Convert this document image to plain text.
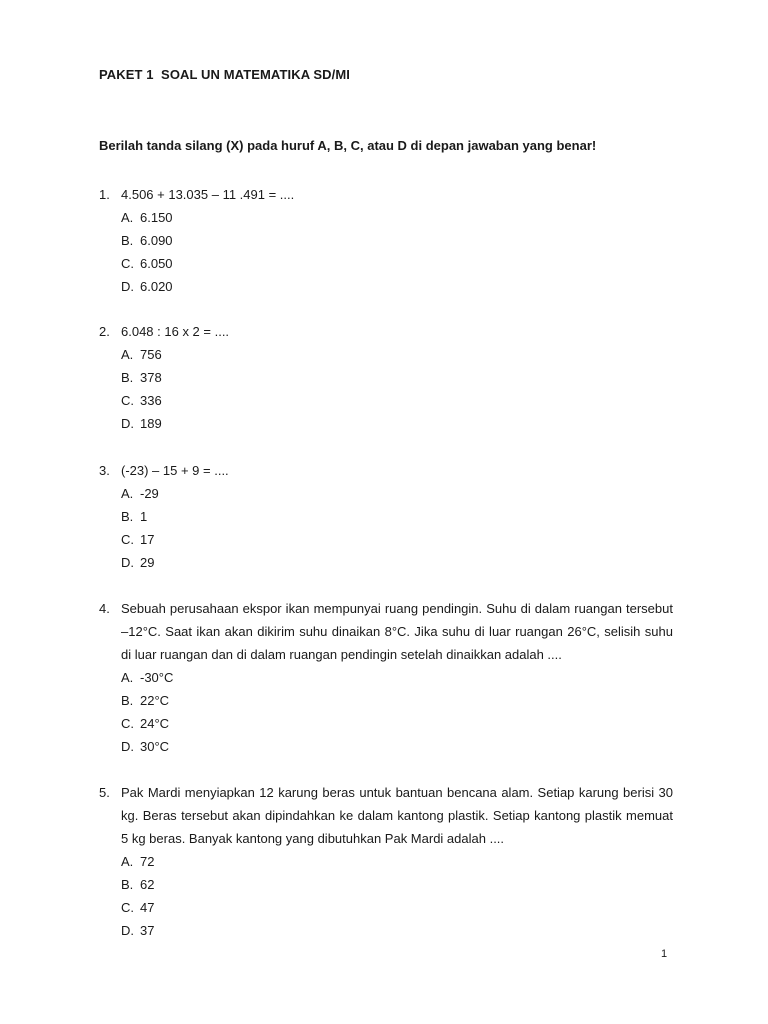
PAKET 1  SOAL UN MATEMATIKA SD/MI
Berilah tanda silang (X) pada huruf A, B, C, atau D di depan jawaban yang benar!
1. 4.506 + 13.035 – 11 .491 = ....
A. 6.150
B. 6.090
C. 6.050
D. 6.020
2. 6.048 : 16 x 2 = ....
A. 756
B. 378
C. 336
D. 189
3. (-23) – 15 + 9 = ....
A. -29
B. 1
C. 17
D. 29
4. Sebuah perusahaan ekspor ikan mempunyai ruang pendingin. Suhu di dalam ruangan tersebut –12°C. Saat ikan akan dikirim suhu dinaikan 8°C. Jika suhu di luar ruangan 26°C, selisih suhu di luar ruangan dan di dalam ruangan pendingin setelah dinaikkan adalah ....
A. -30°C
B. 22°C
C. 24°C
D. 30°C
5. Pak Mardi menyiapkan 12 karung beras untuk bantuan bencana alam. Setiap karung berisi 30 kg. Beras tersebut akan dipindahkan ke dalam kantong plastik. Setiap kantong plastik memuat 5 kg beras. Banyak kantong yang dibutuhkan Pak Mardi adalah ....
A. 72
B. 62
C. 47
D. 37
1
